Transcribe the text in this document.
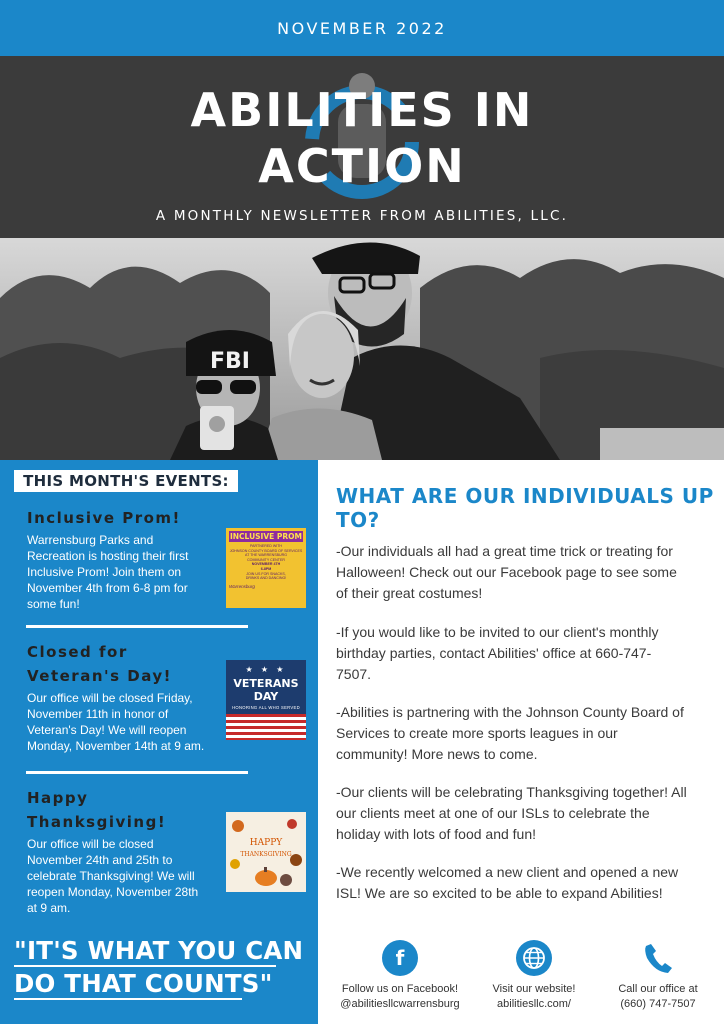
NOVEMBER 2022
ABILITIES IN
ACTION
A MONTHLY NEWSLETTER FROM ABILITIES, LLC.
FBI
THIS MONTH'S EVENTS:
Inclusive Prom!
Warrensburg Parks and
Recreation is hosting their first
Inclusive Prom! Join them on
November 4th from 6-8 pm for
some fun!
INCLUSIVE PROM
PARTNERED WITH
JOHNSON COUNTY BOARD OF SERVICES
AT THE WARRENSBURG
COMMUNITY CENTER
NOVEMBER 4TH
6-8PM
JOIN US FOR SNACKS,
DRINKS AND DANCING!
Warrensburg
Closed for
Veteran's Day!
Our office will be closed Friday,
November 11th in honor of
Veteran's Day! We will reopen
Monday, November 14th at 9 am.
★ ★ ★
VETERANS DAY
HONORING ALL WHO SERVED
Happy
Thanksgiving!
Our office will be closed
November 24th and 25th to
celebrate Thanksgiving! We will
reopen Monday, November 28th
at 9 am.
HAPPY
THANKSGIVING
"IT'S WHAT YOU CAN
DO THAT COUNTS"
WHAT ARE OUR INDIVIDUALS UP TO?
-Our individuals all had a great time trick or treating for
Halloween! Check out our Facebook page to see some
of their great costumes!
-If you would like to be invited to our client's monthly
birthday parties, contact Abilities' office at 660-747-
7507.
-Abilities is partnering with the Johnson County Board of
Services to create more sports leagues in our
community! More news to come.
-Our clients will be celebrating Thanksgiving together! All
our clients meet at one of our ISLs to celebrate the
holiday with lots of food and fun!
-We recently welcomed a new client and opened a new
ISL! We are so excited to be able to expand Abilities!
f
Follow us on Facebook!
@abilitiesllcwarrensburg
Visit our website!
abilitiesllc.com/
Call our office at
(660) 747-7507
